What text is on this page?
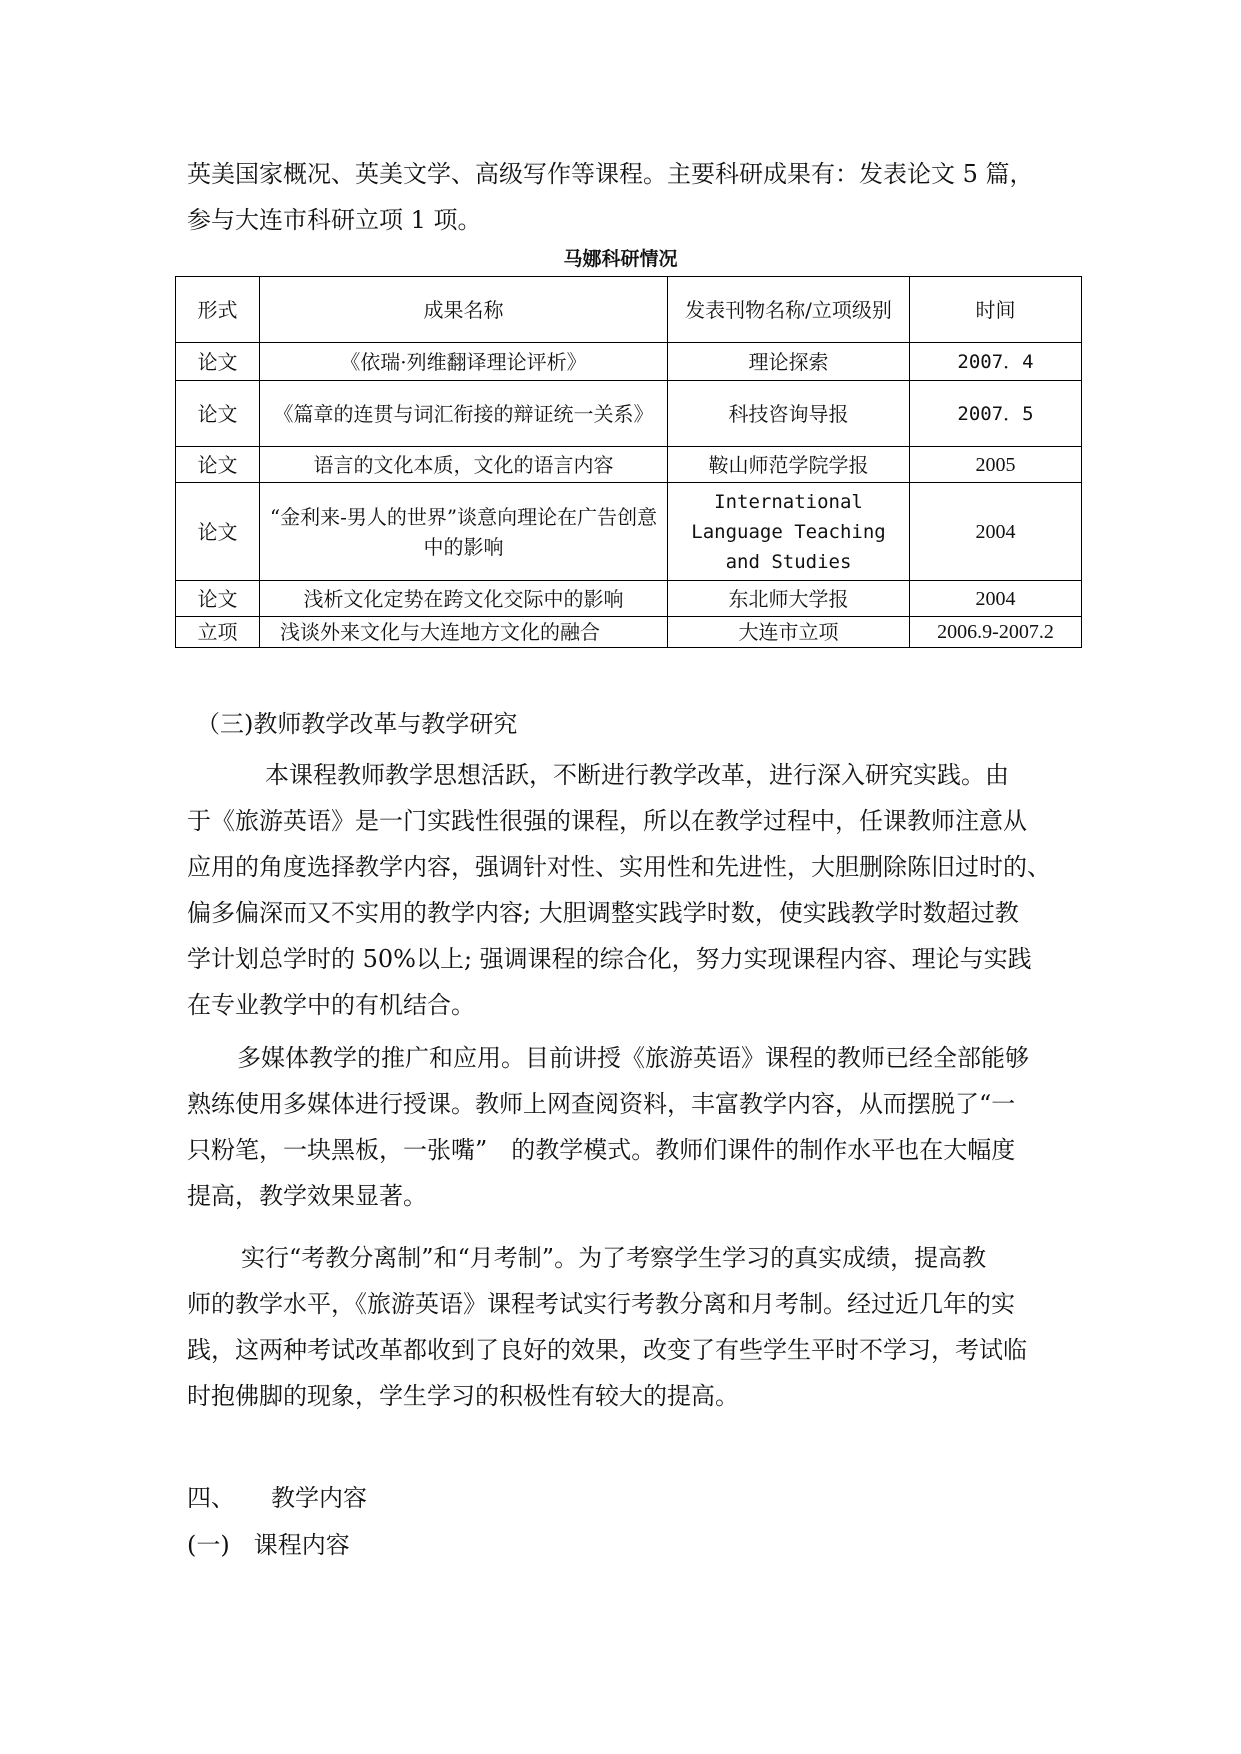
英美国家概况、英美文学、高级写作等课程。主要科研成果有：发表论文 5 篇，
参与大连市科研立项 1 项。
马娜科研情况
形式	成果名称	发表刊物名称/立项级别	时间
论文	《依瑞·列维翻译理论评析》	理论探索	2007．4
论文	《篇章的连贯与词汇衔接的辩证统一关系》	科技咨询导报	2007．5
论文	语言的文化本质，文化的语言内容	鞍山师范学院学报	2005
论文	“金利来-男人的世界”谈意向理论在广告创意中的影响	International Language Teaching and Studies	2004
论文	浅析文化定势在跨文化交际中的影响	东北师大学报	2004
立项	浅谈外来文化与大连地方文化的融合	大连市立项	2006.9-2007.2
（三)教师教学改革与教学研究
本课程教师教学思想活跃，不断进行教学改革，进行深入研究实践。由
于《旅游英语》是一门实践性很强的课程，所以在教学过程中，任课教师注意从
应用的角度选择教学内容，强调针对性、实用性和先进性，大胆删除陈旧过时的、
偏多偏深而又不实用的教学内容; 大胆调整实践学时数，使实践教学时数超过教
学计划总学时的 50%以上; 强调课程的综合化，努力实现课程内容、理论与实践
在专业教学中的有机结合。
多媒体教学的推广和应用。目前讲授《旅游英语》课程的教师已经全部能够
熟练使用多媒体进行授课。教师上网查阅资料，丰富教学内容，从而摆脱了“一
只粉笔，一块黑板，一张嘴”　的教学模式。教师们课件的制作水平也在大幅度
提高，教学效果显著。
实行“考教分离制”和“月考制”。为了考察学生学习的真实成绩，提高教
师的教学水平，《旅游英语》课程考试实行考教分离和月考制。经过近几年的实
践，这两种考试改革都收到了良好的效果，改变了有些学生平时不学习，考试临
时抱佛脚的现象，学生学习的积极性有较大的提高。
四、　　教学内容
(一)　课程内容
